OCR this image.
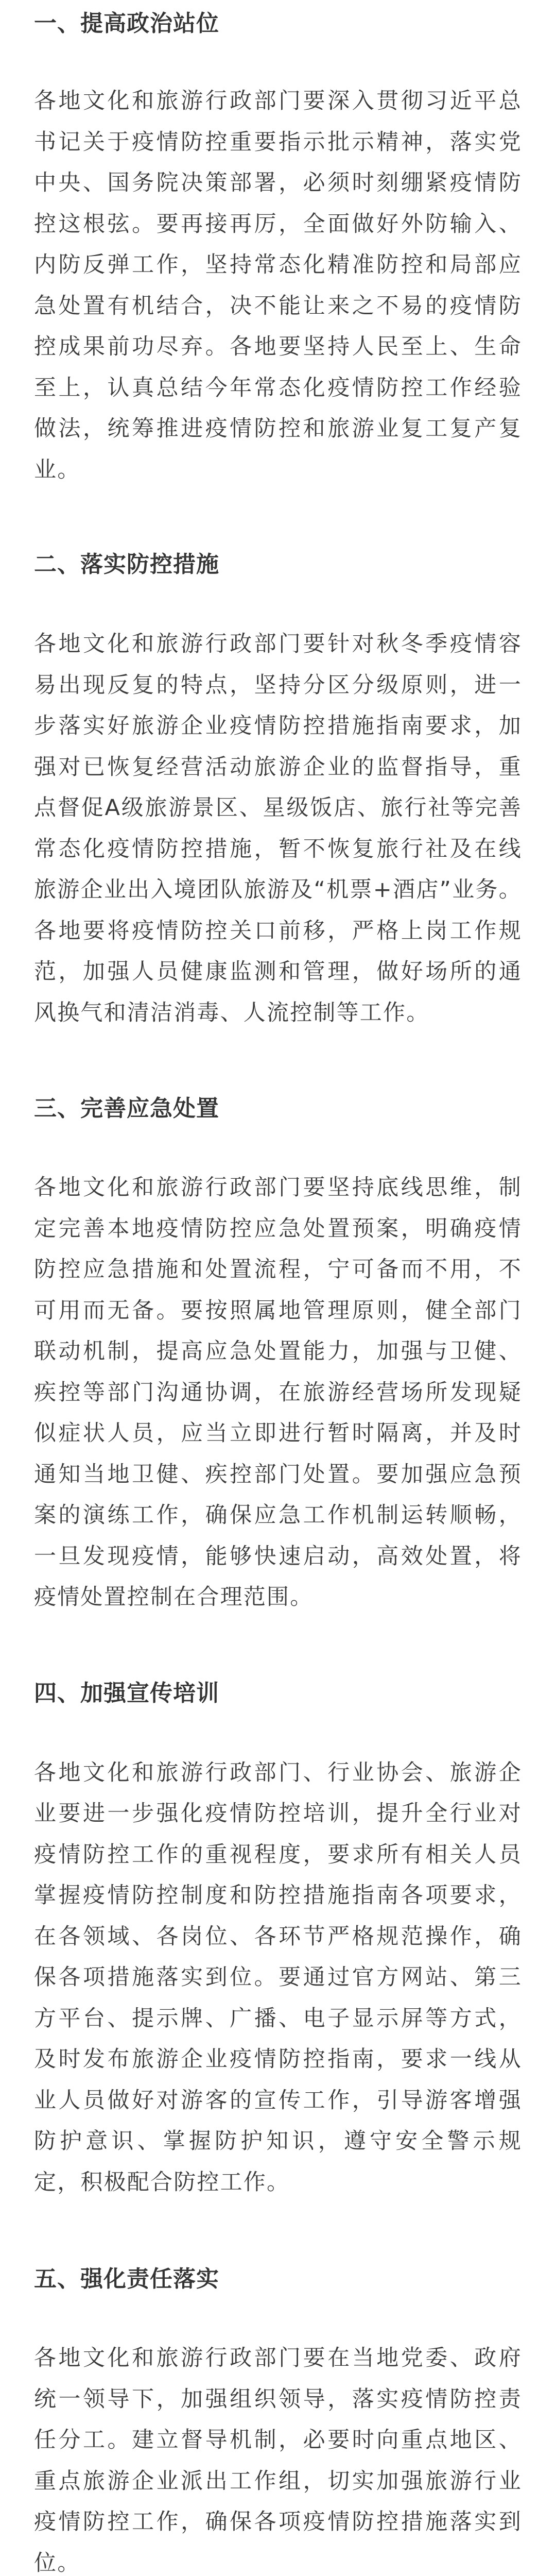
一、提高政治站位

各地文化和旅游行政部门要深入贯彻习近平总书记关于疫情防控重要指示批示精神，落实党中央、国务院决策部署，必须时刻绷紧疫情防控这根弦。要再接再厉，全面做好外防输入、内防反弹工作，坚持常态化精准防控和局部应急处置有机结合，决不能让来之不易的疫情防控成果前功尽弃。各地要坚持人民至上、生命至上，认真总结今年常态化疫情防控工作经验做法，统筹推进疫情防控和旅游业复工复产复业。

二、落实防控措施

各地文化和旅游行政部门要针对秋冬季疫情容易出现反复的特点，坚持分区分级原则，进一步落实好旅游企业疫情防控措施指南要求，加强对已恢复经营活动旅游企业的监督指导，重点督促A级旅游景区、星级饭店、旅行社等完善常态化疫情防控措施，暂不恢复旅行社及在线旅游企业出入境团队旅游及“机票+酒店”业务。各地要将疫情防控关口前移，严格上岗工作规范，加强人员健康监测和管理，做好场所的通风换气和清洁消毒、人流控制等工作。

三、完善应急处置

各地文化和旅游行政部门要坚持底线思维，制定完善本地疫情防控应急处置预案，明确疫情防控应急措施和处置流程，宁可备而不用，不可用而无备。要按照属地管理原则，健全部门联动机制，提高应急处置能力，加强与卫健、疾控等部门沟通协调，在旅游经营场所发现疑似症状人员，应当立即进行暂时隔离，并及时通知当地卫健、疾控部门处置。要加强应急预案的演练工作，确保应急工作机制运转顺畅，一旦发现疫情，能够快速启动，高效处置，将疫情处置控制在合理范围。

四、加强宣传培训

各地文化和旅游行政部门、行业协会、旅游企业要进一步强化疫情防控培训，提升全行业对疫情防控工作的重视程度，要求所有相关人员掌握疫情防控制度和防控措施指南各项要求，在各领域、各岗位、各环节严格规范操作，确保各项措施落实到位。要通过官方网站、第三方平台、提示牌、广播、电子显示屏等方式，及时发布旅游企业疫情防控指南，要求一线从业人员做好对游客的宣传工作，引导游客增强防护意识、掌握防护知识，遵守安全警示规定，积极配合防控工作。

五、强化责任落实

各地文化和旅游行政部门要在当地党委、政府统一领导下，加强组织领导，落实疫情防控责任分工。建立督导机制，必要时向重点地区、重点旅游企业派出工作组，切实加强旅游行业疫情防控工作，确保各项疫情防控措施落实到位。
